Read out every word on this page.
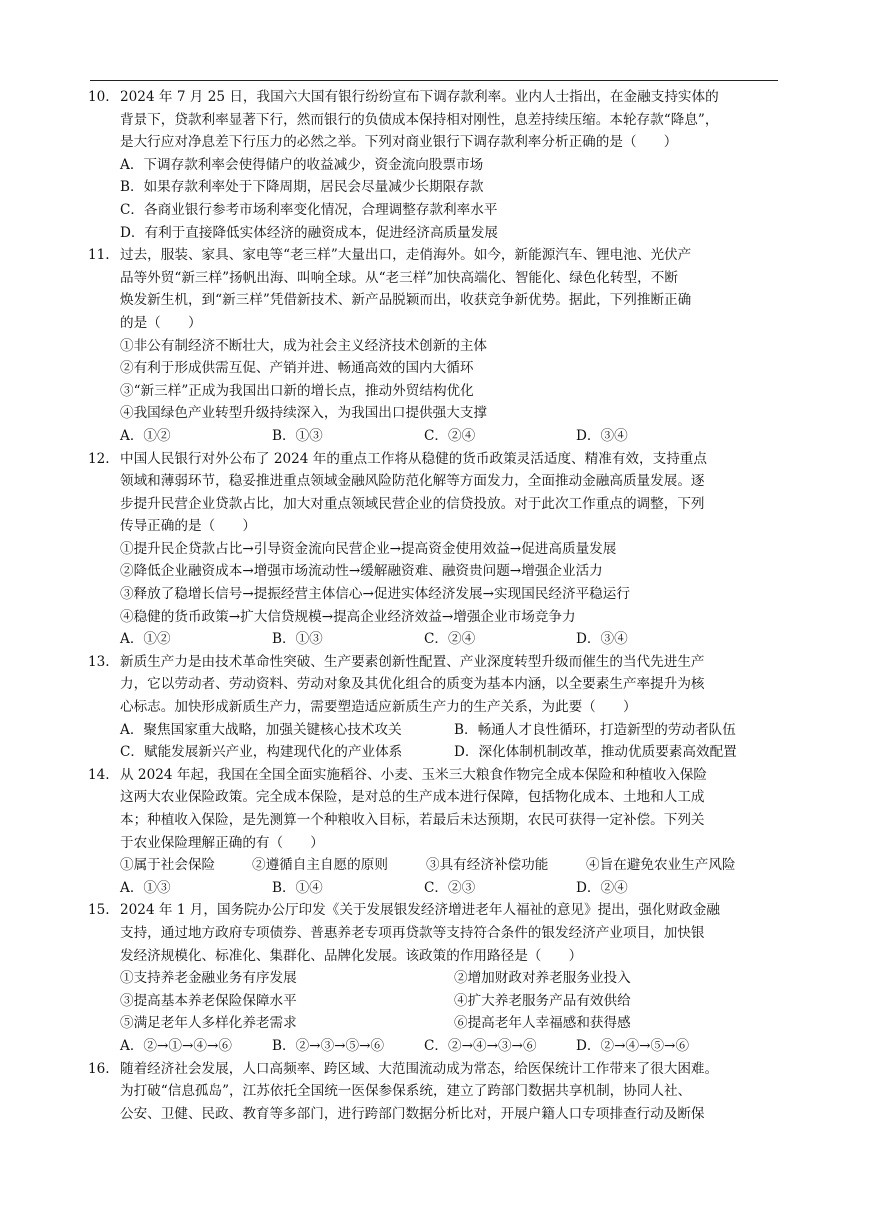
10. 2024 年 7 月 25 日，我国六大国有银行纷纷宣布下调存款利率。业内人士指出，在金融支持实体的
背景下，贷款利率显著下行，然而银行的负债成本保持相对刚性，息差持续压缩。本轮存款“降息”，
是大行应对净息差下行压力的必然之举。下列对商业银行下调存款利率分析正确的是（　　）
A．下调存款利率会使得储户的收益减少，资金流向股票市场
B．如果存款利率处于下降周期，居民会尽量减少长期限存款
C．各商业银行参考市场利率变化情况，合理调整存款利率水平
D．有利于直接降低实体经济的融资成本，促进经济高质量发展
11. 过去，服装、家具、家电等“老三样”大量出口，走俏海外。如今，新能源汽车、锂电池、光伏产
品等外贸“新三样”扬帆出海、叫响全球。从“老三样”加快高端化、智能化、绿色化转型，不断
焕发新生机，到“新三样”凭借新技术、新产品脱颖而出，收获竞争新优势。据此，下列推断正确
的是（　　）
①非公有制经济不断壮大，成为社会主义经济技术创新的主体
②有利于形成供需互促、产销并进、畅通高效的国内大循环
③“新三样”正成为我国出口新的增长点，推动外贸结构优化
④我国绿色产业转型升级持续深入，为我国出口提供强大支撑
A．①②	B．①③	C．②④	D．③④
12. 中国人民银行对外公布了 2024 年的重点工作将从稳健的货币政策灵活适度、精准有效，支持重点
领域和薄弱环节，稳妥推进重点领域金融风险防范化解等方面发力，全面推动金融高质量发展。逐
步提升民营企业贷款占比，加大对重点领域民营企业的信贷投放。对于此次工作重点的调整，下列
传导正确的是（　　）
①提升民企贷款占比→引导资金流向民营企业→提高资金使用效益→促进高质量发展
②降低企业融资成本→增强市场流动性→缓解融资难、融资贵问题→增强企业活力
③释放了稳增长信号→提振经营主体信心→促进实体经济发展→实现国民经济平稳运行
④稳健的货币政策→扩大信贷规模→提高企业经济效益→增强企业市场竞争力
A．①②	B．①③	C．②④	D．③④
13. 新质生产力是由技术革命性突破、生产要素创新性配置、产业深度转型升级而催生的当代先进生产
力，它以劳动者、劳动资料、劳动对象及其优化组合的质变为基本内涵，以全要素生产率提升为核
心标志。加快形成新质生产力，需要塑造适应新质生产力的生产关系，为此要（　　）
A．聚焦国家重大战略，加强关键核心技术攻关	B．畅通人才良性循环，打造新型的劳动者队伍
C．赋能发展新兴产业，构建现代化的产业体系	D．深化体制机制改革，推动优质要素高效配置
14. 从 2024 年起，我国在全国全面实施稻谷、小麦、玉米三大粮食作物完全成本保险和种植收入保险
这两大农业保险政策。完全成本保险，是对总的生产成本进行保障，包括物化成本、土地和人工成
本；种植收入保险，是先测算一个种粮收入目标，若最后未达预期，农民可获得一定补偿。下列关
于农业保险理解正确的有（　　）
①属于社会保险	②遵循自主自愿的原则	③具有经济补偿功能	④旨在避免农业生产风险
A．①③	B．①④	C．②③	D．②④
15. 2024 年 1 月，国务院办公厅印发《关于发展银发经济增进老年人福祉的意见》提出，强化财政金融
支持，通过地方政府专项债券、普惠养老专项再贷款等支持符合条件的银发经济产业项目，加快银
发经济规模化、标准化、集群化、品牌化发展。该政策的作用路径是（　　）
①支持养老金融业务有序发展	②增加财政对养老服务业投入
③提高基本养老保险保障水平	④扩大养老服务产品有效供给
⑤满足老年人多样化养老需求	⑥提高老年人幸福感和获得感
A．②→①→④→⑥	B．②→③→⑤→⑥	C．②→④→③→⑥	D．②→④→⑤→⑥
16. 随着经济社会发展，人口高频率、跨区域、大范围流动成为常态，给医保统计工作带来了很大困难。
为打破“信息孤岛”，江苏依托全国统一医保参保系统，建立了跨部门数据共享机制，协同人社、
公安、卫健、民政、教育等多部门，进行跨部门数据分析比对，开展户籍人口专项排查行动及断保
